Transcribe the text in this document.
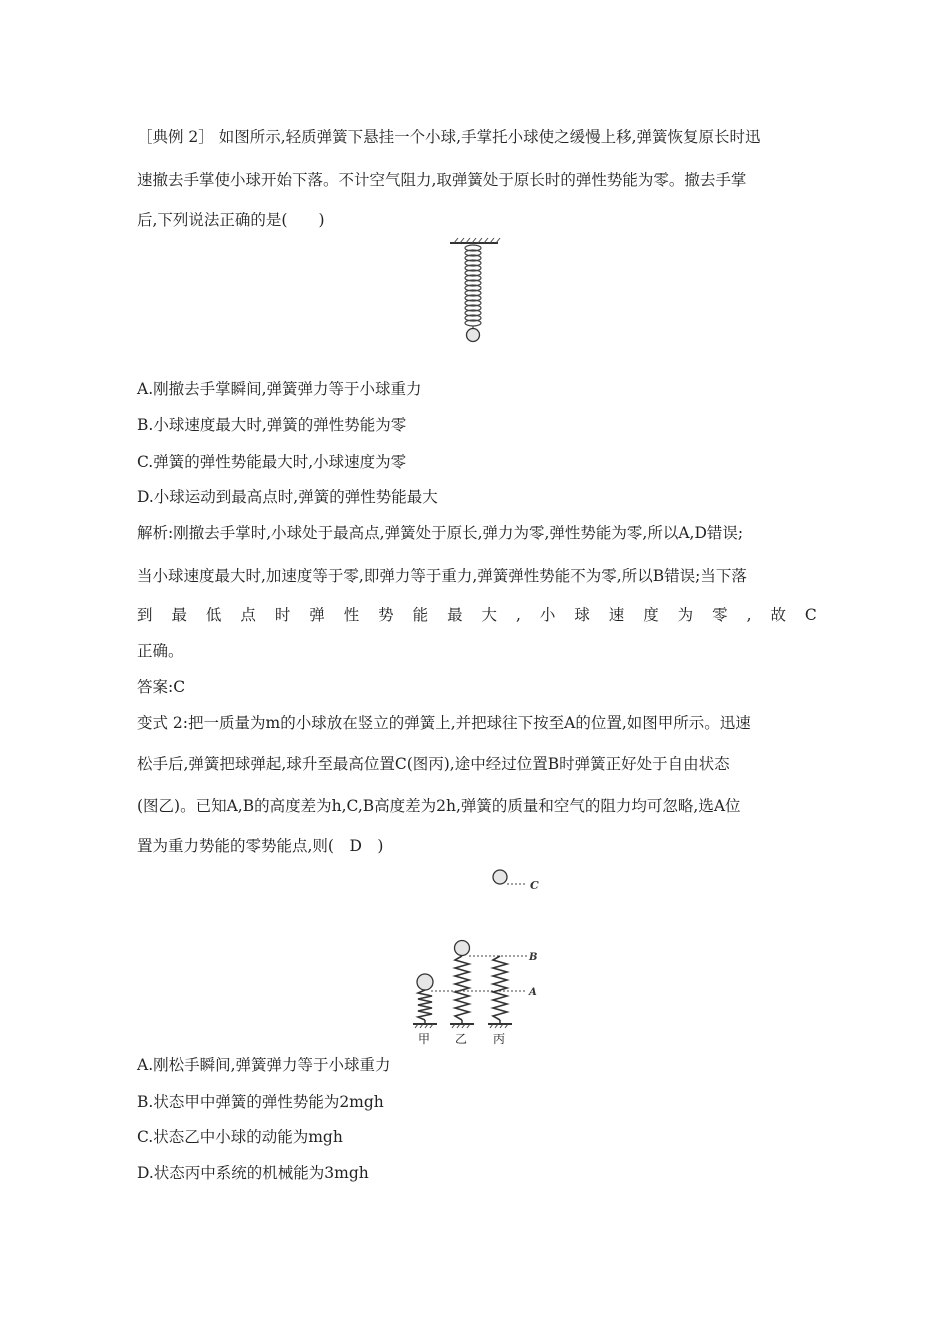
［典例 2］ 如图所示,轻质弹簧下悬挂一个小球,手掌托小球使之缓慢上移,弹簧恢复原长时迅
速撤去手掌使小球开始下落。不计空气阻力,取弹簧处于原长时的弹性势能为零。撤去手掌
后,下列说法正确的是(　　)
A.刚撤去手掌瞬间,弹簧弹力等于小球重力
B.小球速度最大时,弹簧的弹性势能为零
C.弹簧的弹性势能最大时,小球速度为零
D.小球运动到最高点时,弹簧的弹性势能最大
解析:刚撤去手掌时,小球处于最高点,弹簧处于原长,弹力为零,弹性势能为零,所以A,D错误;
当小球速度最大时,加速度等于零,即弹力等于重力,弹簧弹性势能不为零,所以B错误;当下落
到 最 低 点 时 弹 性 势 能 最 大 , 小 球 速 度 为 零 , 故 C
正确。
答案:C
变式 2:把一质量为m的小球放在竖立的弹簧上,并把球往下按至A的位置,如图甲所示。迅速
松手后,弹簧把球弹起,球升至最高位置C(图丙),途中经过位置B时弹簧正好处于自由状态
(图乙)。已知A,B的高度差为h,C,B高度差为2h,弹簧的质量和空气的阻力均可忽略,选A位
置为重力势能的零势能点,则(　D　)
C
B
A
甲 乙 丙
A.刚松手瞬间,弹簧弹力等于小球重力
B.状态甲中弹簧的弹性势能为2mgh
C.状态乙中小球的动能为mgh
D.状态丙中系统的机械能为3mgh
